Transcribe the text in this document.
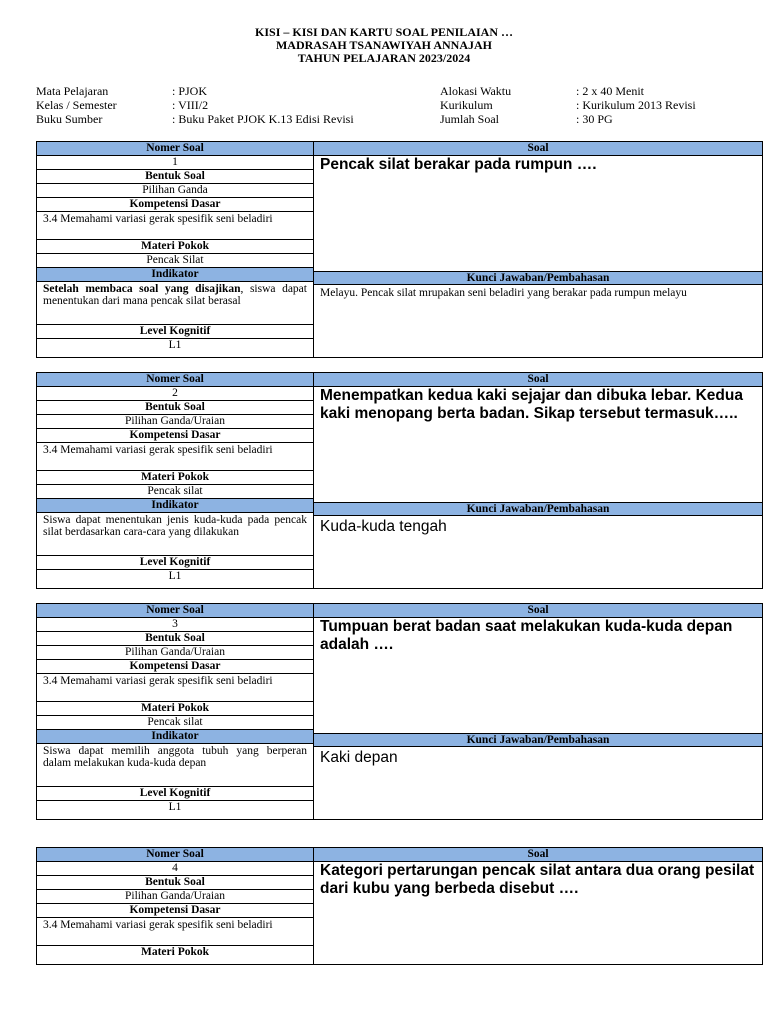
KISI – KISI DAN KARTU SOAL PENILAIAN …
MADRASAH TSANAWIYAH ANNAJAH
TAHUN PELAJARAN 2023/2024
Mata Pelajaran	: PJOK
Kelas / Semester	: VIII/2
Buku Sumber	: Buku Paket PJOK K.13 Edisi Revisi
Alokasi Waktu	: 2 x 40 Menit
Kurikulum	: Kurikulum 2013 Revisi
Jumlah Soal	: 30 PG
Nomer Soal
1
Bentuk Soal
Pilihan Ganda
Kompetensi Dasar
3.4 Memahami variasi gerak spesifik seni beladiri
Materi Pokok
Pencak Silat
Indikator
Setelah membaca soal yang disajikan, siswa dapat menentukan dari mana pencak silat berasal
Level Kognitif
L1
Soal
Pencak silat berakar pada rumpun ….
Kunci Jawaban/Pembahasan
Melayu. Pencak silat mrupakan seni beladiri yang berakar pada rumpun melayu
Nomer Soal
2
Bentuk Soal
Pilihan Ganda/Uraian
Kompetensi Dasar
3.4 Memahami variasi gerak spesifik seni beladiri
Materi Pokok
Pencak silat
Indikator
Siswa dapat menentukan jenis kuda-kuda pada pencak silat berdasarkan cara-cara yang dilakukan
Level Kognitif
L1
Soal
Menempatkan kedua kaki sejajar dan dibuka lebar. Kedua kaki menopang berta badan. Sikap tersebut termasuk…..
Kunci Jawaban/Pembahasan
Kuda-kuda tengah
Nomer Soal
3
Bentuk Soal
Pilihan Ganda/Uraian
Kompetensi Dasar
3.4 Memahami variasi gerak spesifik seni beladiri
Materi Pokok
Pencak silat
Indikator
Siswa dapat memilih anggota tubuh yang berperan dalam melakukan kuda-kuda depan
Level Kognitif
L1
Soal
Tumpuan berat badan saat melakukan kuda-kuda depan adalah ….
Kunci Jawaban/Pembahasan
Kaki depan
Nomer Soal
4
Bentuk Soal
Pilihan Ganda/Uraian
Kompetensi Dasar
3.4 Memahami variasi gerak spesifik seni beladiri
Materi Pokok
Soal
Kategori pertarungan pencak silat antara dua orang pesilat dari kubu yang berbeda disebut ….
